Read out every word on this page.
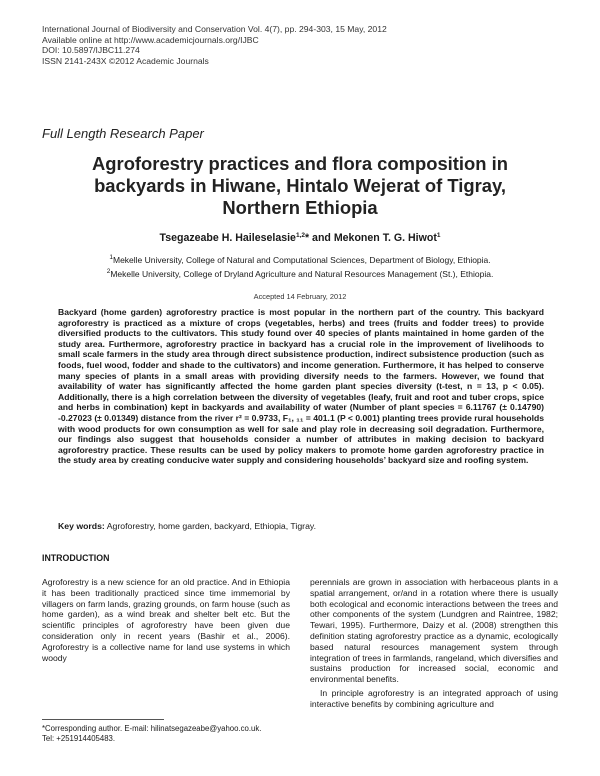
International Journal of Biodiversity and Conservation Vol. 4(7), pp. 294-303, 15 May, 2012
Available online at http://www.academicjournals.org/IJBC
DOI: 10.5897/IJBC11.274
ISSN 2141-243X ©2012 Academic Journals
Full Length Research Paper
Agroforestry practices and flora composition in backyards in Hiwane, Hintalo Wejerat of Tigray, Northern Ethiopia
Tsegazeabe H. Haileselasie$^{1,2}$* and Mekonen T. G. Hiwot$^1$
$^1$Mekelle University, College of Natural and Computational Sciences, Department of Biology, Ethiopia.
$^2$Mekelle University, College of Dryland Agriculture and Natural Resources Management (St.), Ethiopia.
Accepted 14 February, 2012

Backyard (home garden) agroforestry practice is most popular in the northern part of the country. This backyard agroforestry is practiced as a mixture of crops (vegetables, herbs) and trees (fruits and fodder trees) to provide diversified products to the cultivators. This study found over 40 species of plants maintained in home garden of the study area. Furthermore, agroforestry practice in backyard has a crucial role in the improvement of livelihoods to small scale farmers in the study area through direct subsistence production, indirect subsistence production (such as foods, fuel wood, fodder and shade to the cultivators) and income generation. Furthermore, it has helped to conserve many species of plants in a small areas with providing diversify needs to the farmers. However, we found that availability of water has significantly affected the home garden plant species diversity (t-test, n = 13, p < 0.05). Additionally, there is a high correlation between the diversity of vegetables (leafy, fruit and root and tuber crops, spice and herbs in combination) kept in backyards and availability of water (Number of plant species = 6.11767 (± 0.14790) -0.27023 (± 0.01349) distance from the river r² = 0.9733, F₁, ₁₁ = 401.1 (P < 0.001) planting trees provide rural households with wood products for own consumption as well for sale and play role in decreasing soil degradation. Furthermore, our findings also suggest that households consider a number of attributes in making decision to backyard agroforestry practice. These results can be used by policy makers to promote home garden agroforestry practice in the study area by creating conducive water supply and considering households’ backyard size and roofing system.

Key words: Agroforestry, home garden, backyard, Ethiopia, Tigray.
INTRODUCTION

Agroforestry is a new science for an old practice. And in Ethiopia it has been traditionally practiced since time immemorial by villagers on farm lands, grazing grounds, on farm house (such as home garden), as a wind break and shelter belt etc. But the scientific principles of agroforestry have been given due consideration only in recent years (Bashir et al., 2006). Agroforestry is a collective name for land use systems in which woody

perennials are grown in association with herbaceous plants in a spatial arrangement, or/and in a rotation where there is usually both ecological and economic interactions between the trees and other components of the system (Lundgren and Raintree, 1982; Tewari, 1995). Furthermore, Daizy et al. (2008) strengthen this definition stating agroforestry practice as a dynamic, ecologically based natural resources management system through integration of trees in farmlands, rangeland, which diversifies and sustains production for increased social, economic and environmental benefits.

In principle agroforestry is an integrated approach of using interactive benefits by combining agriculture and

*Corresponding author. E-mail: hilinatsegazeabe@yahoo.co.uk.
Tel: +251914405483.
